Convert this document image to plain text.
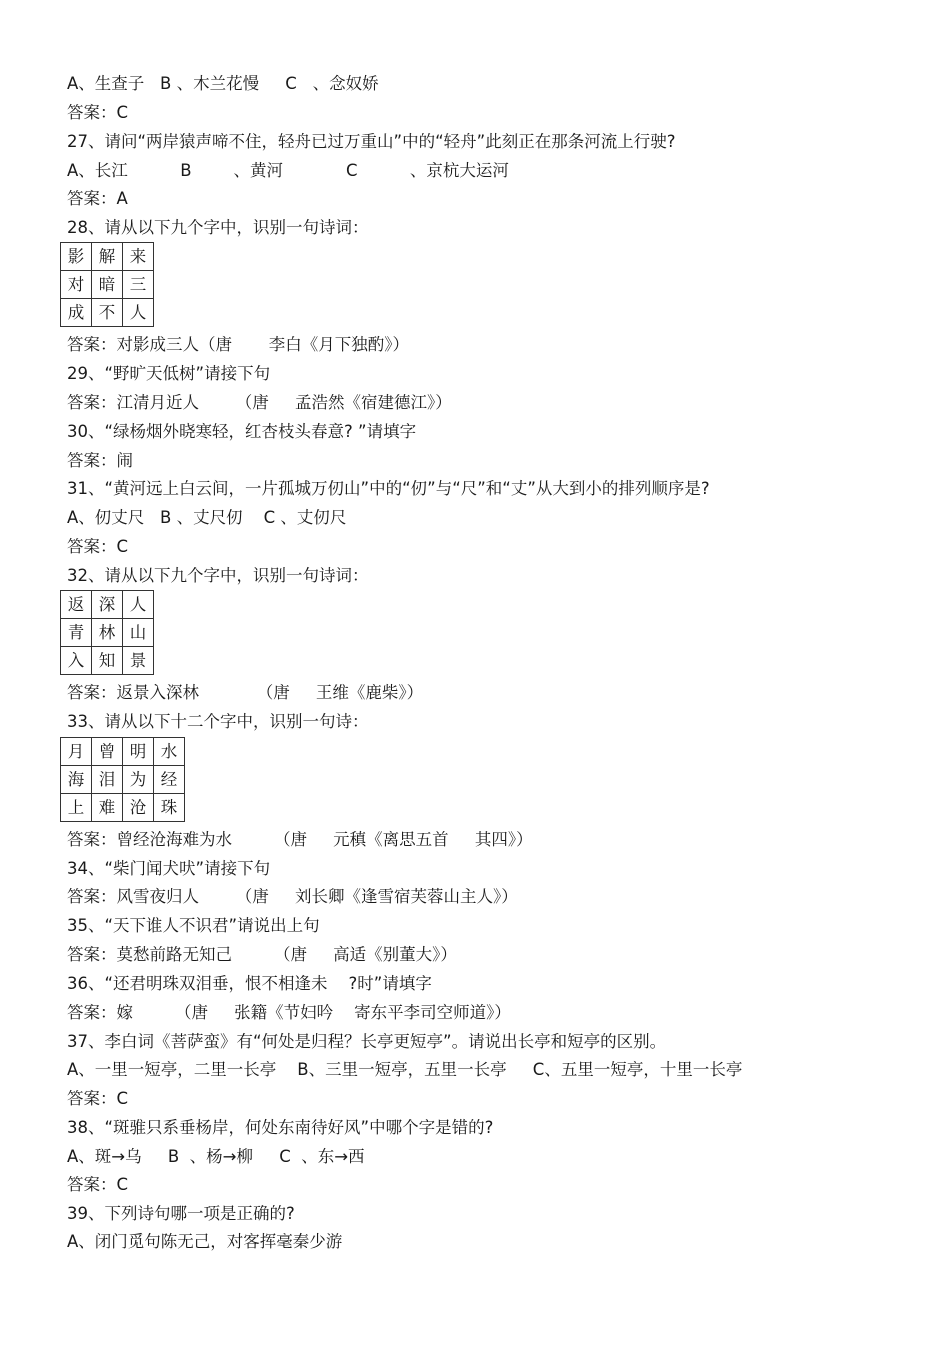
A、生查子   B 、木兰花慢     C   、念奴娇
答案：C
27、请问“两岸猿声啼不住，轻舟已过万重山”中的“轻舟”此刻正在那条河流上行驶?
A、长江          B        、黄河            C          、京杭大运河
答案：A
28、请从以下九个字中，识别一句诗词：
影	解	来
对	暗	三
成	不	人
答案：对影成三人（唐       李白《月下独酌》）
29、“野旷天低树”请接下句
答案：江清月近人       （唐     孟浩然《宿建德江》）
30、“绿杨烟外晓寒轻，红杏枝头春意? ”请填字
答案：闹
31、“黄河远上白云间，一片孤城万仞山”中的“仞”与“尺”和“丈”从大到小的排列顺序是?
A、仞丈尺   B 、丈尺仞    C 、丈仞尺
答案：C
32、请从以下九个字中，识别一句诗词：
返	深	人
青	林	山
入	知	景
答案：返景入深林           （唐     王维《鹿柴》）
33、请从以下十二个字中，识别一句诗：
月	曾	明	水
海	泪	为	经
上	难	沧	珠
答案：曾经沧海难为水        （唐     元稹《离思五首     其四》）
34、“柴门闻犬吠”请接下句
答案：风雪夜归人       （唐     刘长卿《逢雪宿芙蓉山主人》）
35、“天下谁人不识君”请说出上句
答案：莫愁前路无知己        （唐     高适《别董大》）
36、“还君明珠双泪垂，恨不相逢未    ?时”请填字
答案：嫁        （唐     张籍《节妇吟    寄东平李司空师道》）
37、李白词《菩萨蛮》有“何处是归程？长亭更短亭”。请说出长亭和短亭的区别。
A、一里一短亭，二里一长亭    B、三里一短亭，五里一长亭     C、五里一短亭，十里一长亭
答案：C
38、“斑骓只系垂杨岸，何处东南待好风”中哪个字是错的?
A、斑→乌     B  、杨→柳     C  、东→西
答案：C
39、下列诗句哪一项是正确的?
A、闭门觅句陈无己，对客挥毫秦少游
